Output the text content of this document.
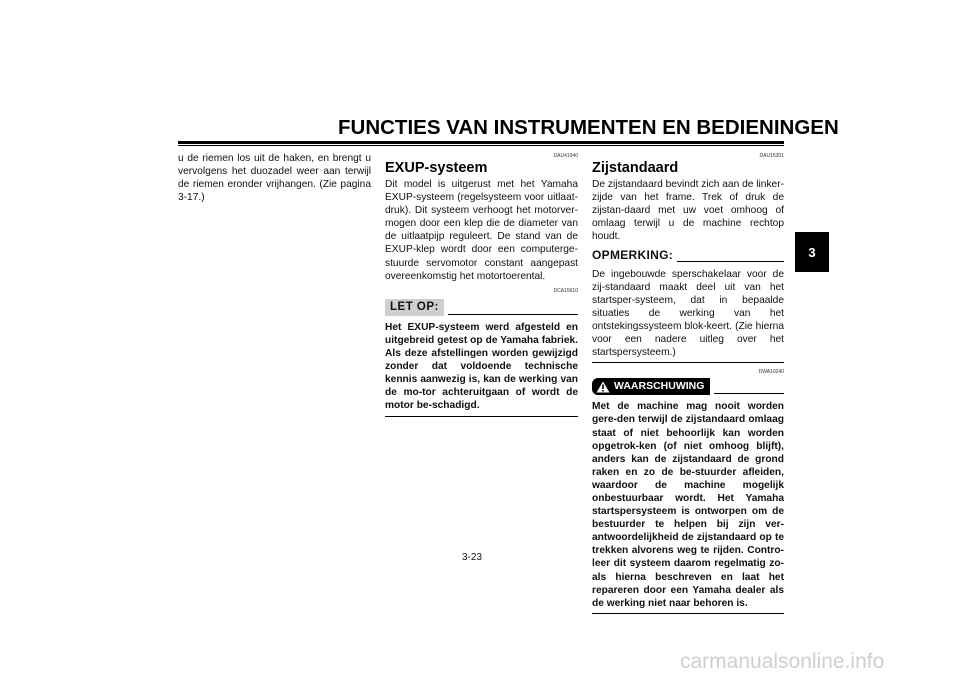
FUNCTIES VAN INSTRUMENTEN EN BEDIENINGEN
3

u de riemen los uit de haken, en brengt u vervolgens het duozadel weer aan terwijl de riemen eronder vrijhangen. (Zie pagina 3-17.)

DAU41940
EXUP-systeem

Dit model is uitgerust met het Yamaha EXUP-systeem (regelsysteem voor uitlaat-druk). Dit systeem verhoogt het motorver-mogen door een klep die de diameter van de uitlaatpijp reguleert. De stand van de EXUP-klep wordt door een computerge-stuurde servomotor constant aangepast overeenkomstig het motortoerental.

DCA15610
LET OP:

Het EXUP-systeem werd afgesteld en uitgebreid getest op de Yamaha fabriek. Als deze afstellingen worden gewijzigd zonder dat voldoende technische kennis aanwezig is, kan de werking van de mo-tor achteruitgaan of wordt de motor be-schadigd.

DAU15301
Zijstandaard

De zijstandaard bevindt zich aan de linker-zijde van het frame. Trek of druk de zijstan-daard met uw voet omhoog of omlaag terwijl u de machine rechtop houdt.

OPMERKING:

De ingebouwde sperschakelaar voor de zij-standaard maakt deel uit van het startsper-systeem, dat in bepaalde situaties de werking van het ontstekingssysteem blok-keert. (Zie hierna voor een nadere uitleg over het startspersysteem.)

DWA10240
WAARSCHUWING

Met de machine mag nooit worden gere-den terwijl de zijstandaard omlaag staat of niet behoorlijk kan worden opgetrok-ken (of niet omhoog blijft), anders kan de zijstandaard de grond raken en zo de be-stuurder afleiden, waardoor de machine mogelijk onbestuurbaar wordt. Het Yamaha startspersysteem is ontworpen om de bestuurder te helpen bij zijn ver-antwoordelijkheid de zijstandaard op te trekken alvorens weg te rijden. Contro-leer dit systeem daarom regelmatig zo-als hierna beschreven en laat het repareren door een Yamaha dealer als de werking niet naar behoren is.

3-23
carmanualsonline.info
